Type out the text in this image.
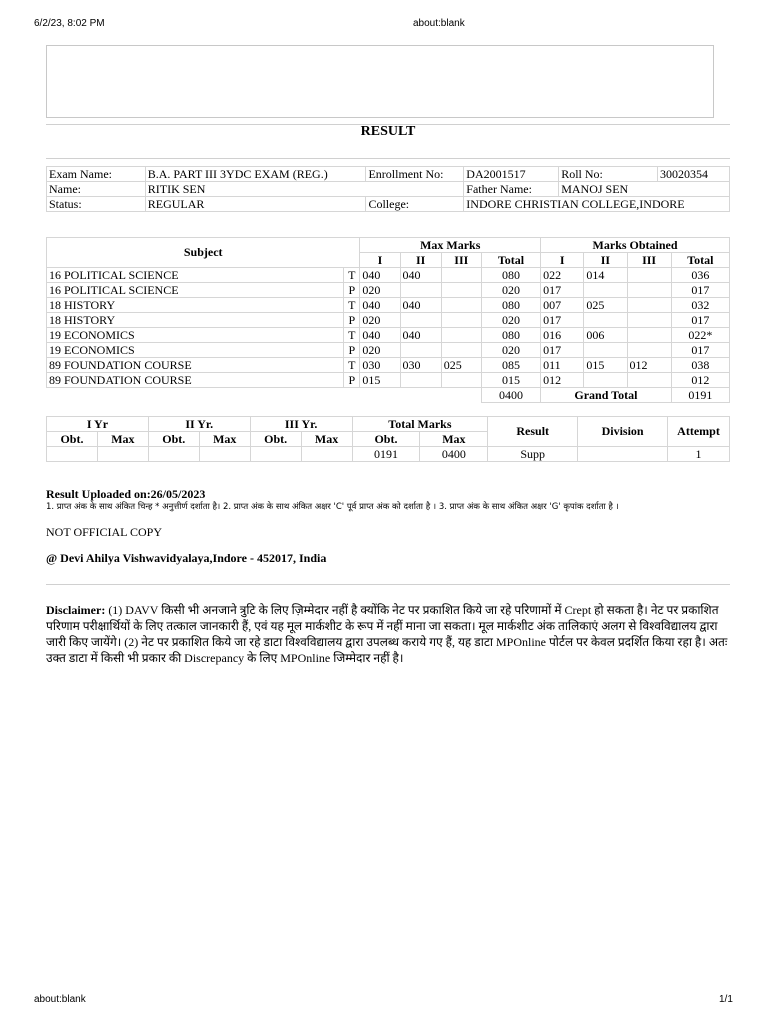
6/2/23, 8:02 PM	about:blank
RESULT
Exam Name:	B.A. PART III 3YDC EXAM (REG.)	Enrollment No:	DA2001517	Roll No:	30020354
Name:	RITIK SEN		Father Name:	MANOJ SEN	
Status:	REGULAR	College:	INDORE CHRISTIAN COLLEGE,INDORE		
Subject		Max Marks				Marks Obtained			
		I	II	III	Total	I	II	III	Total
16 POLITICAL SCIENCE	T	040	040		080	022	014		036
16 POLITICAL SCIENCE	P	020			020	017			017
18 HISTORY	T	040	040		080	007	025		032
18 HISTORY	P	020			020	017			017
19 ECONOMICS	T	040	040		080	016	006		022*
19 ECONOMICS	P	020			020	017			017
89 FOUNDATION COURSE	T	030	030	025	085	011	015	012	038
89 FOUNDATION COURSE	P	015			015	012			012
					0400	Grand Total			0191
I Yr		II Yr.		III Yr.		Total Marks		Result	Division	Attempt
Obt.	Max	Obt.	Max	Obt.	Max	Obt.	Max			
						0191	0400	Supp		1
Result Uploaded on:26/05/2023
1. प्राप्त अंक के साथ अंकित चिन्ह * अनुत्तीर्ण दर्शाता है। 2. प्राप्त अंक के साथ अंकित अक्षर 'C' पूर्व प्राप्त अंक को दर्शाता है । 3. प्राप्त अंक के साथ अंकित अक्षर 'G' कृपांक दर्शाता है ।
NOT OFFICIAL COPY
@ Devi Ahilya Vishwavidyalaya,Indore - 452017, India
Disclaimer: (1) DAVV किसी भी अनजाने त्रुटि के लिए ज़िम्मेदार नहीं है क्योंकि नेट पर प्रकाशित किये जा रहे परिणामों में Crept हो सकता है। नेट पर प्रकाशित परिणाम परीक्षार्थियों के लिए तत्काल जानकारी हैं, एवं यह मूल मार्कशीट के रूप में नहीं माना जा सकता। मूल मार्कशीट अंक तालिकाएं अलग से विश्वविद्यालय द्वारा जारी किए जायेंगे। (2) नेट पर प्रकाशित किये जा रहे डाटा विश्वविद्यालय द्वारा उपलब्ध कराये गए हैं, यह डाटा MPOnline पोर्टल पर केवल प्रदर्शित किया रहा है। अतः उक्त डाटा में किसी भी प्रकार की Discrepancy के लिए MPOnline जिम्मेदार नहीं है।
about:blank	1/1
